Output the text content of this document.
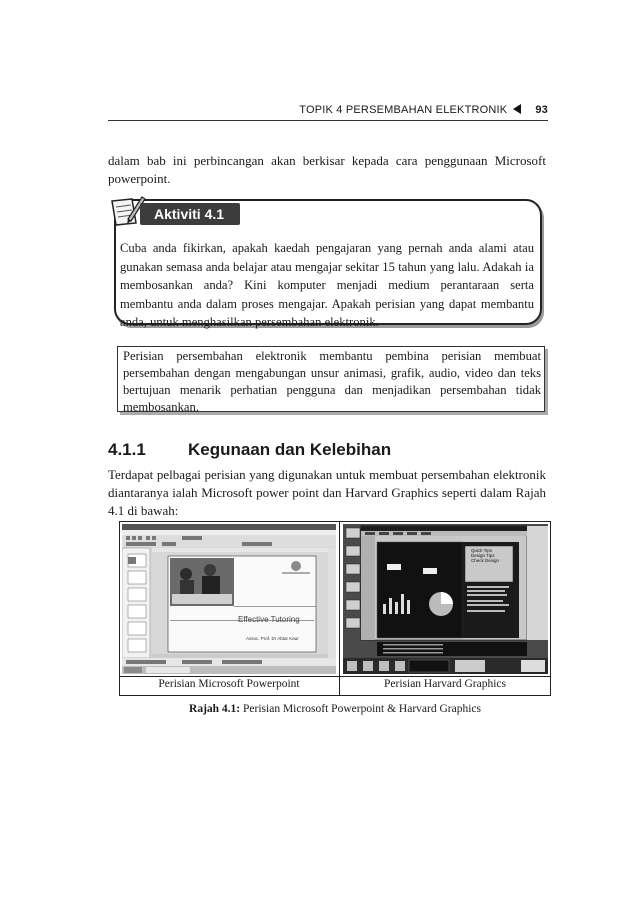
TOPIK 4 PERSEMBAHAN ELEKTRONIK	93
dalam bab ini perbincangan akan berkisar kepada cara penggunaan Microsoft powerpoint.
Aktiviti 4.1
Cuba anda fikirkan, apakah kaedah pengajaran yang pernah anda alami atau gunakan semasa anda belajar atau mengajar sekitar 15 tahun yang lalu. Adakah ia membosankan anda? Kini komputer menjadi medium perantaraan serta membantu anda dalam proses mengajar. Apakah perisian yang dapat membantu anda, untuk menghasilkan persembahan elektronik.
Perisian persembahan elektronik membantu pembina perisian membuat persembahan dengan mengabungan unsur animasi, grafik, audio, video dan teks bertujuan menarik perhatian pengguna dan menjadikan persembahan tidak membosankan.
4.1.1 Kegunaan dan Kelebihan
Terdapat pelbagai perisian yang digunakan untuk membuat persembahan elektronik diantaranya ialah Microsoft power point dan Harvard Graphics seperti dalam Rajah 4.1 di bawah:
Effective Tutoring
Assoc. Prof. Dr Abtar Kaur
Quick Tips
Design Tips
Check Design
Perisian Microsoft Powerpoint	Perisian Harvard Graphics
Rajah 4.1: Perisian Microsoft Powerpoint & Harvard Graphics
